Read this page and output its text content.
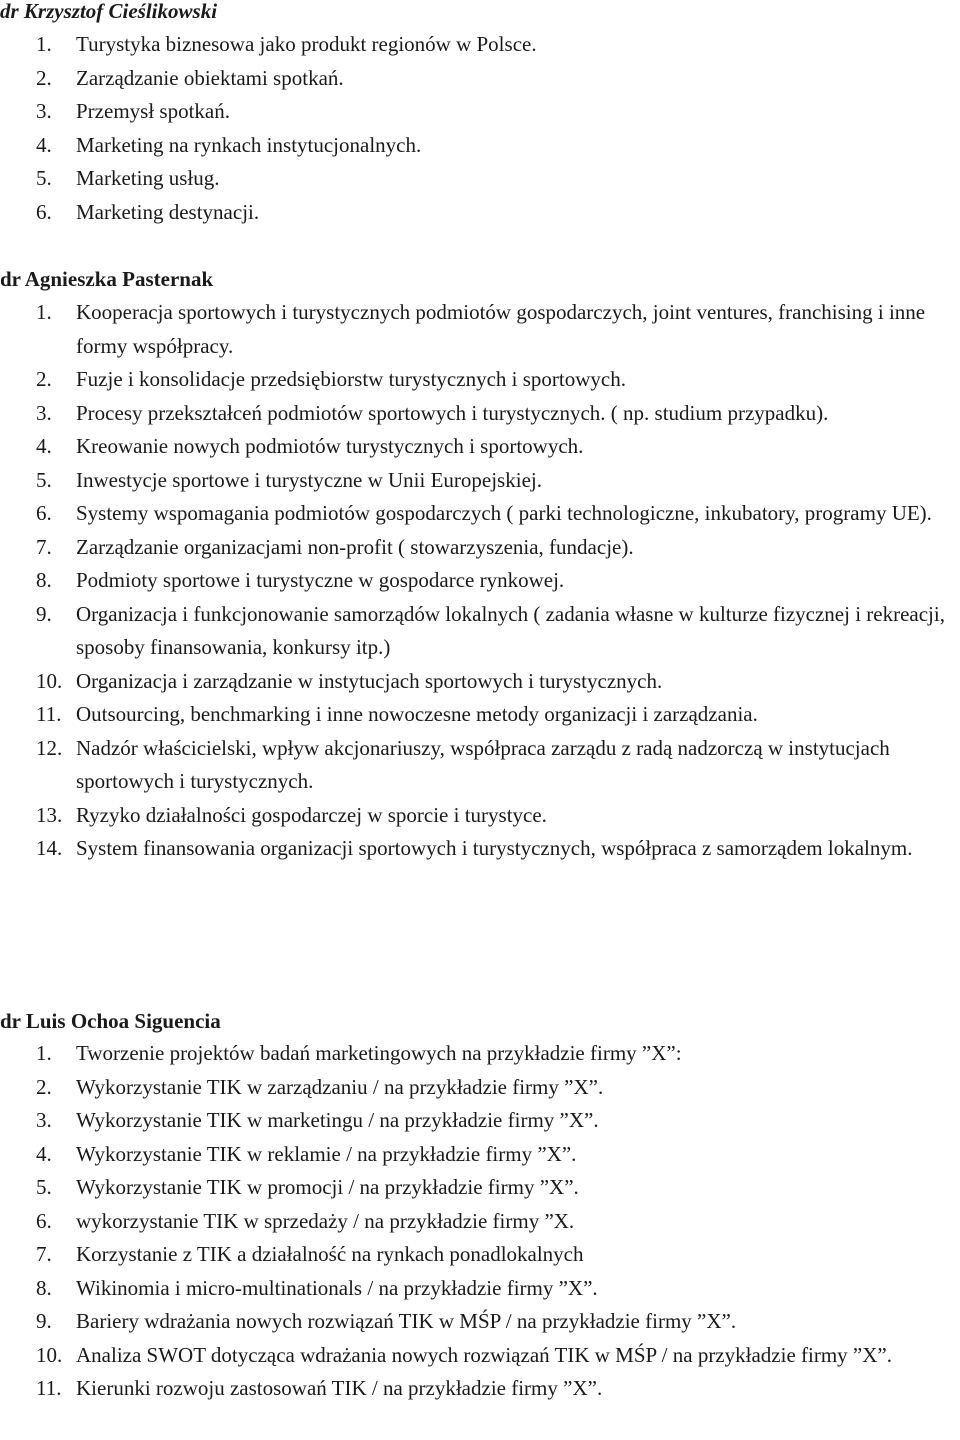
dr Krzysztof Cieślikowski

1.	Turystyka biznesowa jako produkt regionów w Polsce.
2.	Zarządzanie obiektami spotkań.
3.	Przemysł spotkań.
4.	Marketing na rynkach instytucjonalnych.
5.	Marketing usług.
6.	Marketing destynacji.

dr Agnieszka Pasternak

1.	Kooperacja sportowych i turystycznych podmiotów gospodarczych, joint ventures, franchising i inne formy współpracy.
2.	Fuzje i konsolidacje przedsiębiorstw turystycznych i sportowych.
3.	Procesy przekształceń podmiotów sportowych i turystycznych. ( np. studium przypadku).
4.	Kreowanie nowych podmiotów turystycznych i sportowych.
5.	Inwestycje sportowe i turystyczne w Unii Europejskiej.
6.	Systemy wspomagania podmiotów gospodarczych ( parki technologiczne, inkubatory, programy UE).
7.	Zarządzanie organizacjami non-profit ( stowarzyszenia, fundacje).
8.	Podmioty sportowe i turystyczne w gospodarce rynkowej.
9.	Organizacja i funkcjonowanie samorządów lokalnych ( zadania własne w kulturze fizycznej i rekreacji, sposoby finansowania, konkursy itp.)
10. Organizacja i zarządzanie w instytucjach sportowych i turystycznych.
11. Outsourcing, benchmarking i inne nowoczesne metody organizacji i zarządzania.
12. Nadzór właścicielski, wpływ akcjonariuszy, współpraca zarządu z radą nadzorczą w instytucjach sportowych i turystycznych.
13. Ryzyko działalności gospodarczej w sporcie i turystyce.
14. System finansowania organizacji sportowych i turystycznych, współpraca z samorządem lokalnym.

dr Luis Ochoa Siguencia

1.	Tworzenie projektów badań marketingowych na przykładzie firmy ”X”:
2.	Wykorzystanie TIK w zarządzaniu / na przykładzie firmy ”X”.
3.	Wykorzystanie TIK w marketingu / na przykładzie firmy ”X”.
4.	Wykorzystanie TIK w reklamie / na przykładzie firmy ”X”.
5.	Wykorzystanie TIK w promocji / na przykładzie firmy ”X”.
6.	wykorzystanie TIK w sprzedaży / na przykładzie firmy ”X.
7.	Korzystanie z TIK a działalność na rynkach ponadlokalnych
8.	Wikinomia i micro-multinationals / na przykładzie firmy ”X”.
9.	Bariery wdrażania nowych rozwiązań TIK w MŚP / na przykładzie firmy ”X”.
10. Analiza SWOT dotycząca wdrażania nowych rozwiązań TIK w MŚP / na przykładzie firmy ”X”.
11. Kierunki rozwoju zastosowań TIK / na przykładzie firmy ”X”.
